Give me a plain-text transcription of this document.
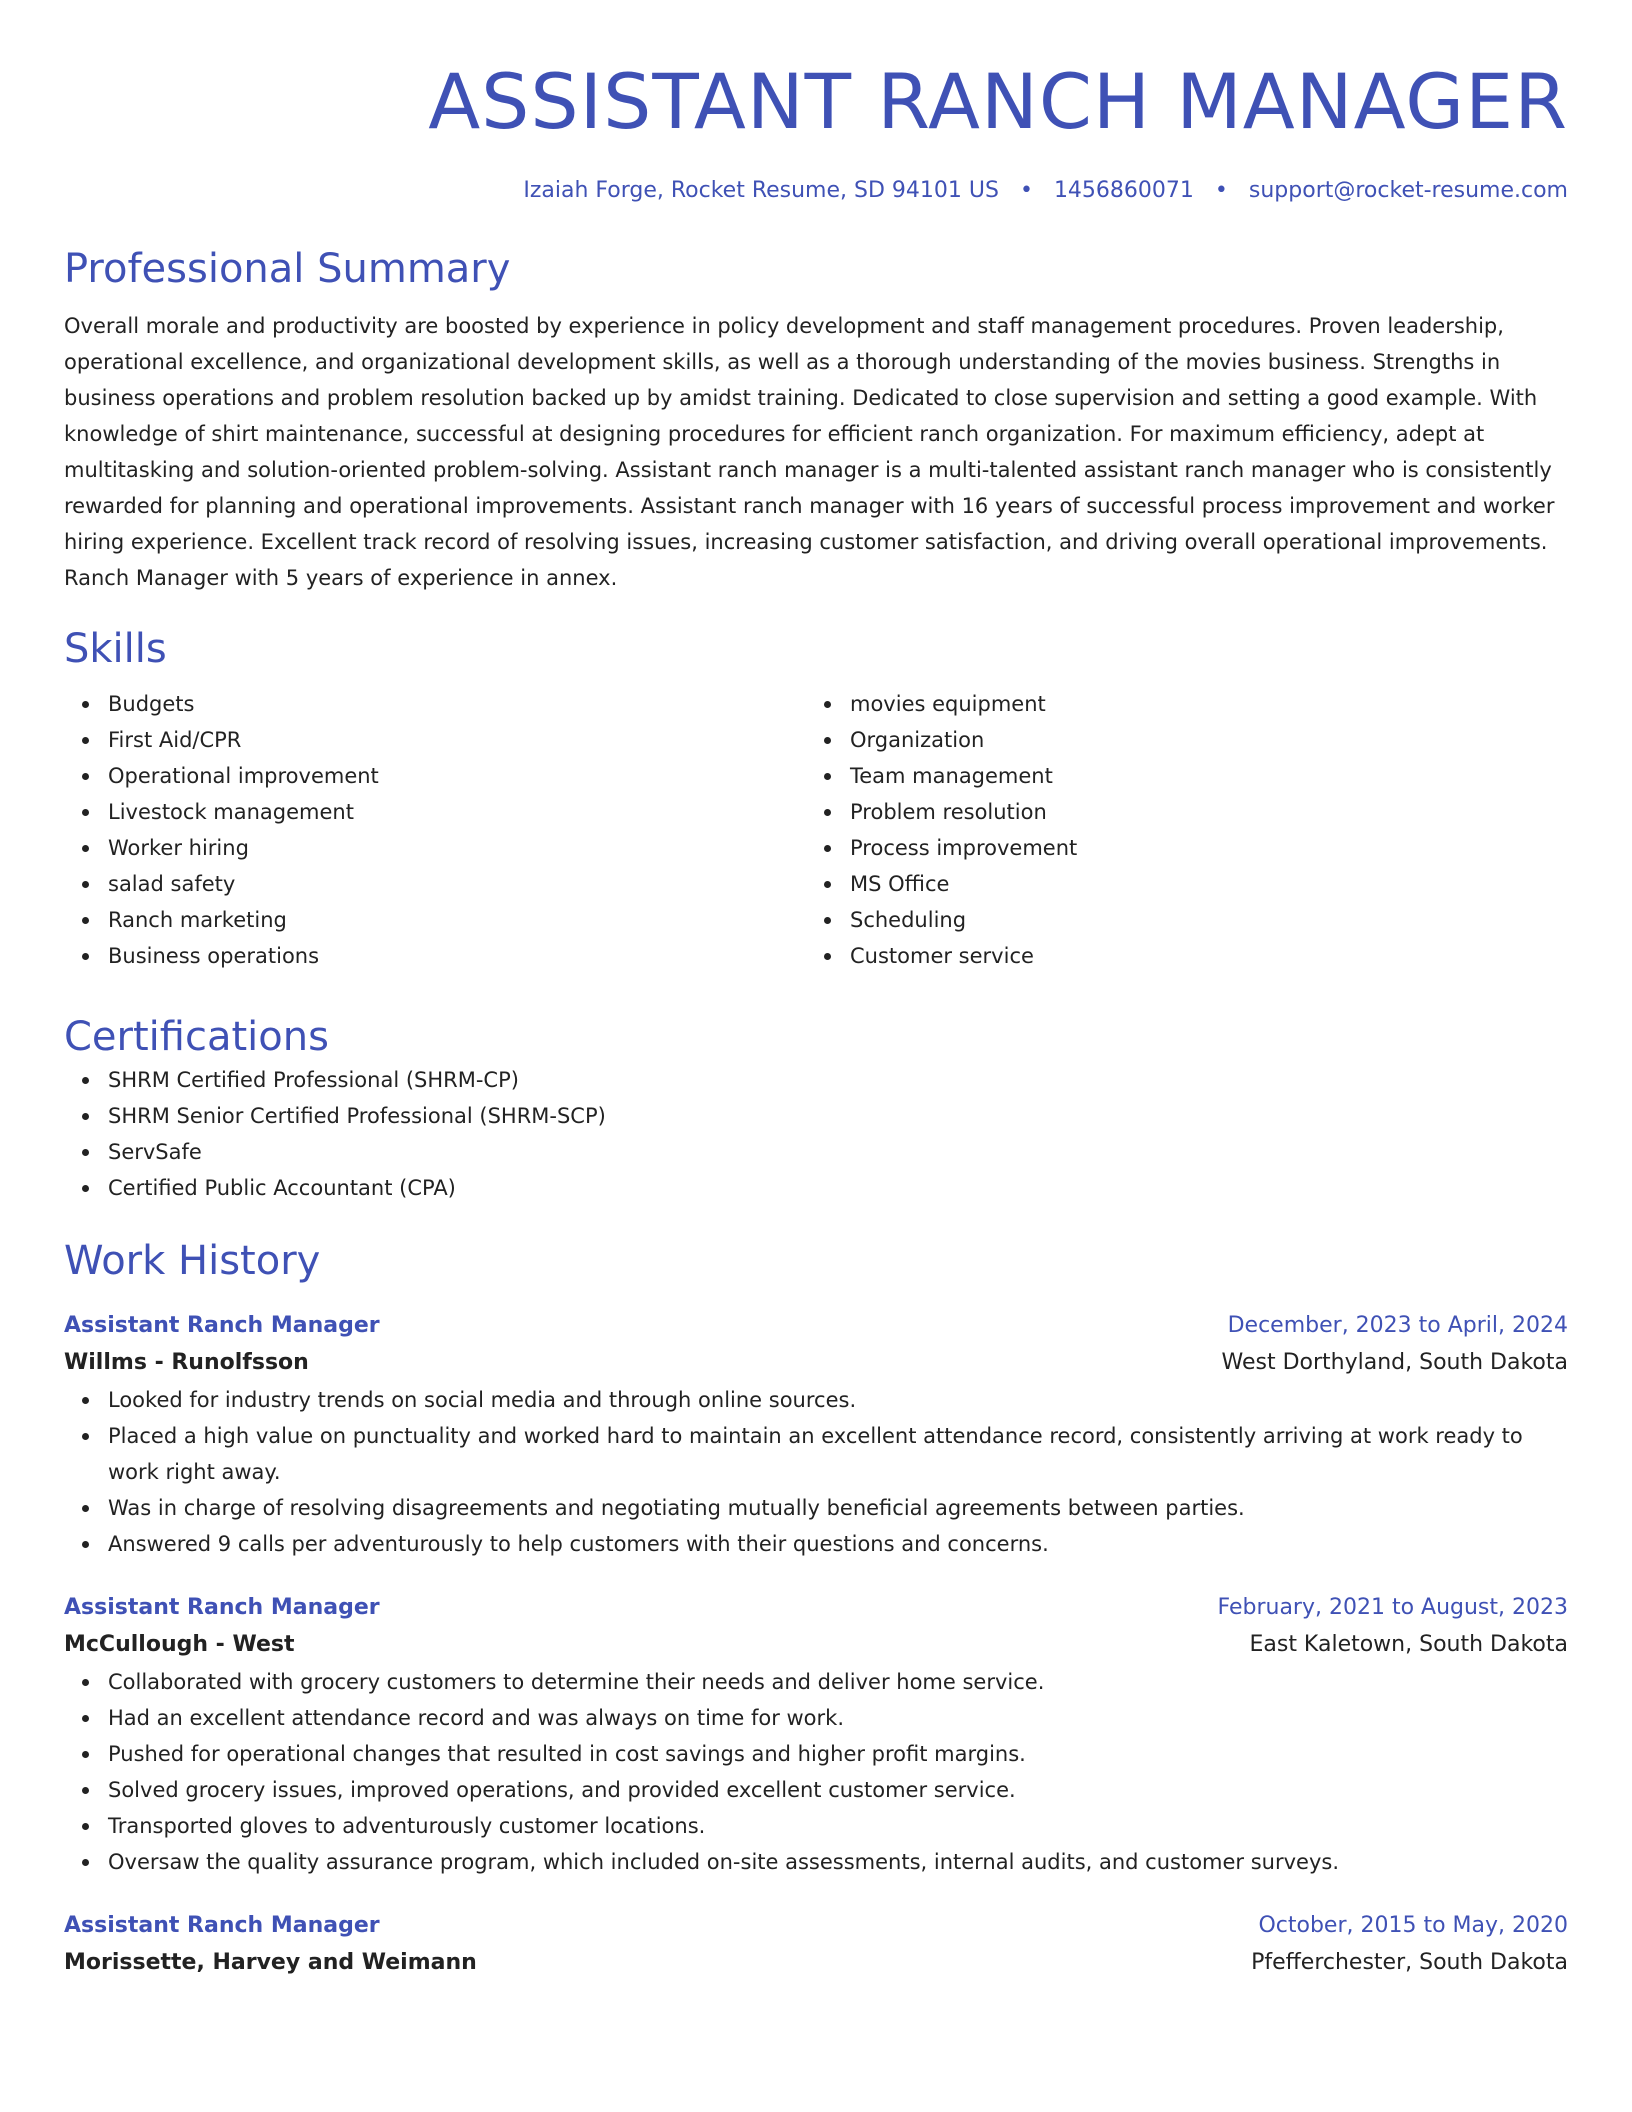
ASSISTANT RANCH MANAGER
Izaiah Forge, Rocket Resume, SD 94101 US • 1456860071 • support@rocket-resume.com
Professional Summary

Overall morale and productivity are boosted by experience in policy development and staff management procedures. Proven leadership, operational excellence, and organizational development skills, as well as a thorough understanding of the movies business. Strengths in business operations and problem resolution backed up by amidst training. Dedicated to close supervision and setting a good example. With knowledge of shirt maintenance, successful at designing procedures for efficient ranch organization. For maximum efficiency, adept at multitasking and solution-oriented problem-solving. Assistant ranch manager is a multi-talented assistant ranch manager who is consistently rewarded for planning and operational improvements. Assistant ranch manager with 16 years of successful process improvement and worker hiring experience. Excellent track record of resolving issues, increasing customer satisfaction, and driving overall operational improvements. Ranch Manager with 5 years of experience in annex.

Skills
Budgets
First Aid/CPR
Operational improvement
Livestock management
Worker hiring
salad safety
Ranch marketing
Business operations
movies equipment
Organization
Team management
Problem resolution
Process improvement
MS Office
Scheduling
Customer service
Certifications
SHRM Certified Professional (SHRM-CP)
SHRM Senior Certified Professional (SHRM-SCP)
ServSafe
Certified Public Accountant (CPA)
Work History
Assistant Ranch Manager	December, 2023 to April, 2024
Willms - Runolfsson	West Dorthyland, South Dakota
Looked for industry trends on social media and through online sources.
Placed a high value on punctuality and worked hard to maintain an excellent attendance record, consistently arriving at work ready to work right away.
Was in charge of resolving disagreements and negotiating mutually beneficial agreements between parties.
Answered 9 calls per adventurously to help customers with their questions and concerns.
Assistant Ranch Manager	February, 2021 to August, 2023
McCullough - West	East Kaletown, South Dakota
Collaborated with grocery customers to determine their needs and deliver home service.
Had an excellent attendance record and was always on time for work.
Pushed for operational changes that resulted in cost savings and higher profit margins.
Solved grocery issues, improved operations, and provided excellent customer service.
Transported gloves to adventurously customer locations.
Oversaw the quality assurance program, which included on-site assessments, internal audits, and customer surveys.
Assistant Ranch Manager	October, 2015 to May, 2020
Morissette, Harvey and Weimann	Pfefferchester, South Dakota
